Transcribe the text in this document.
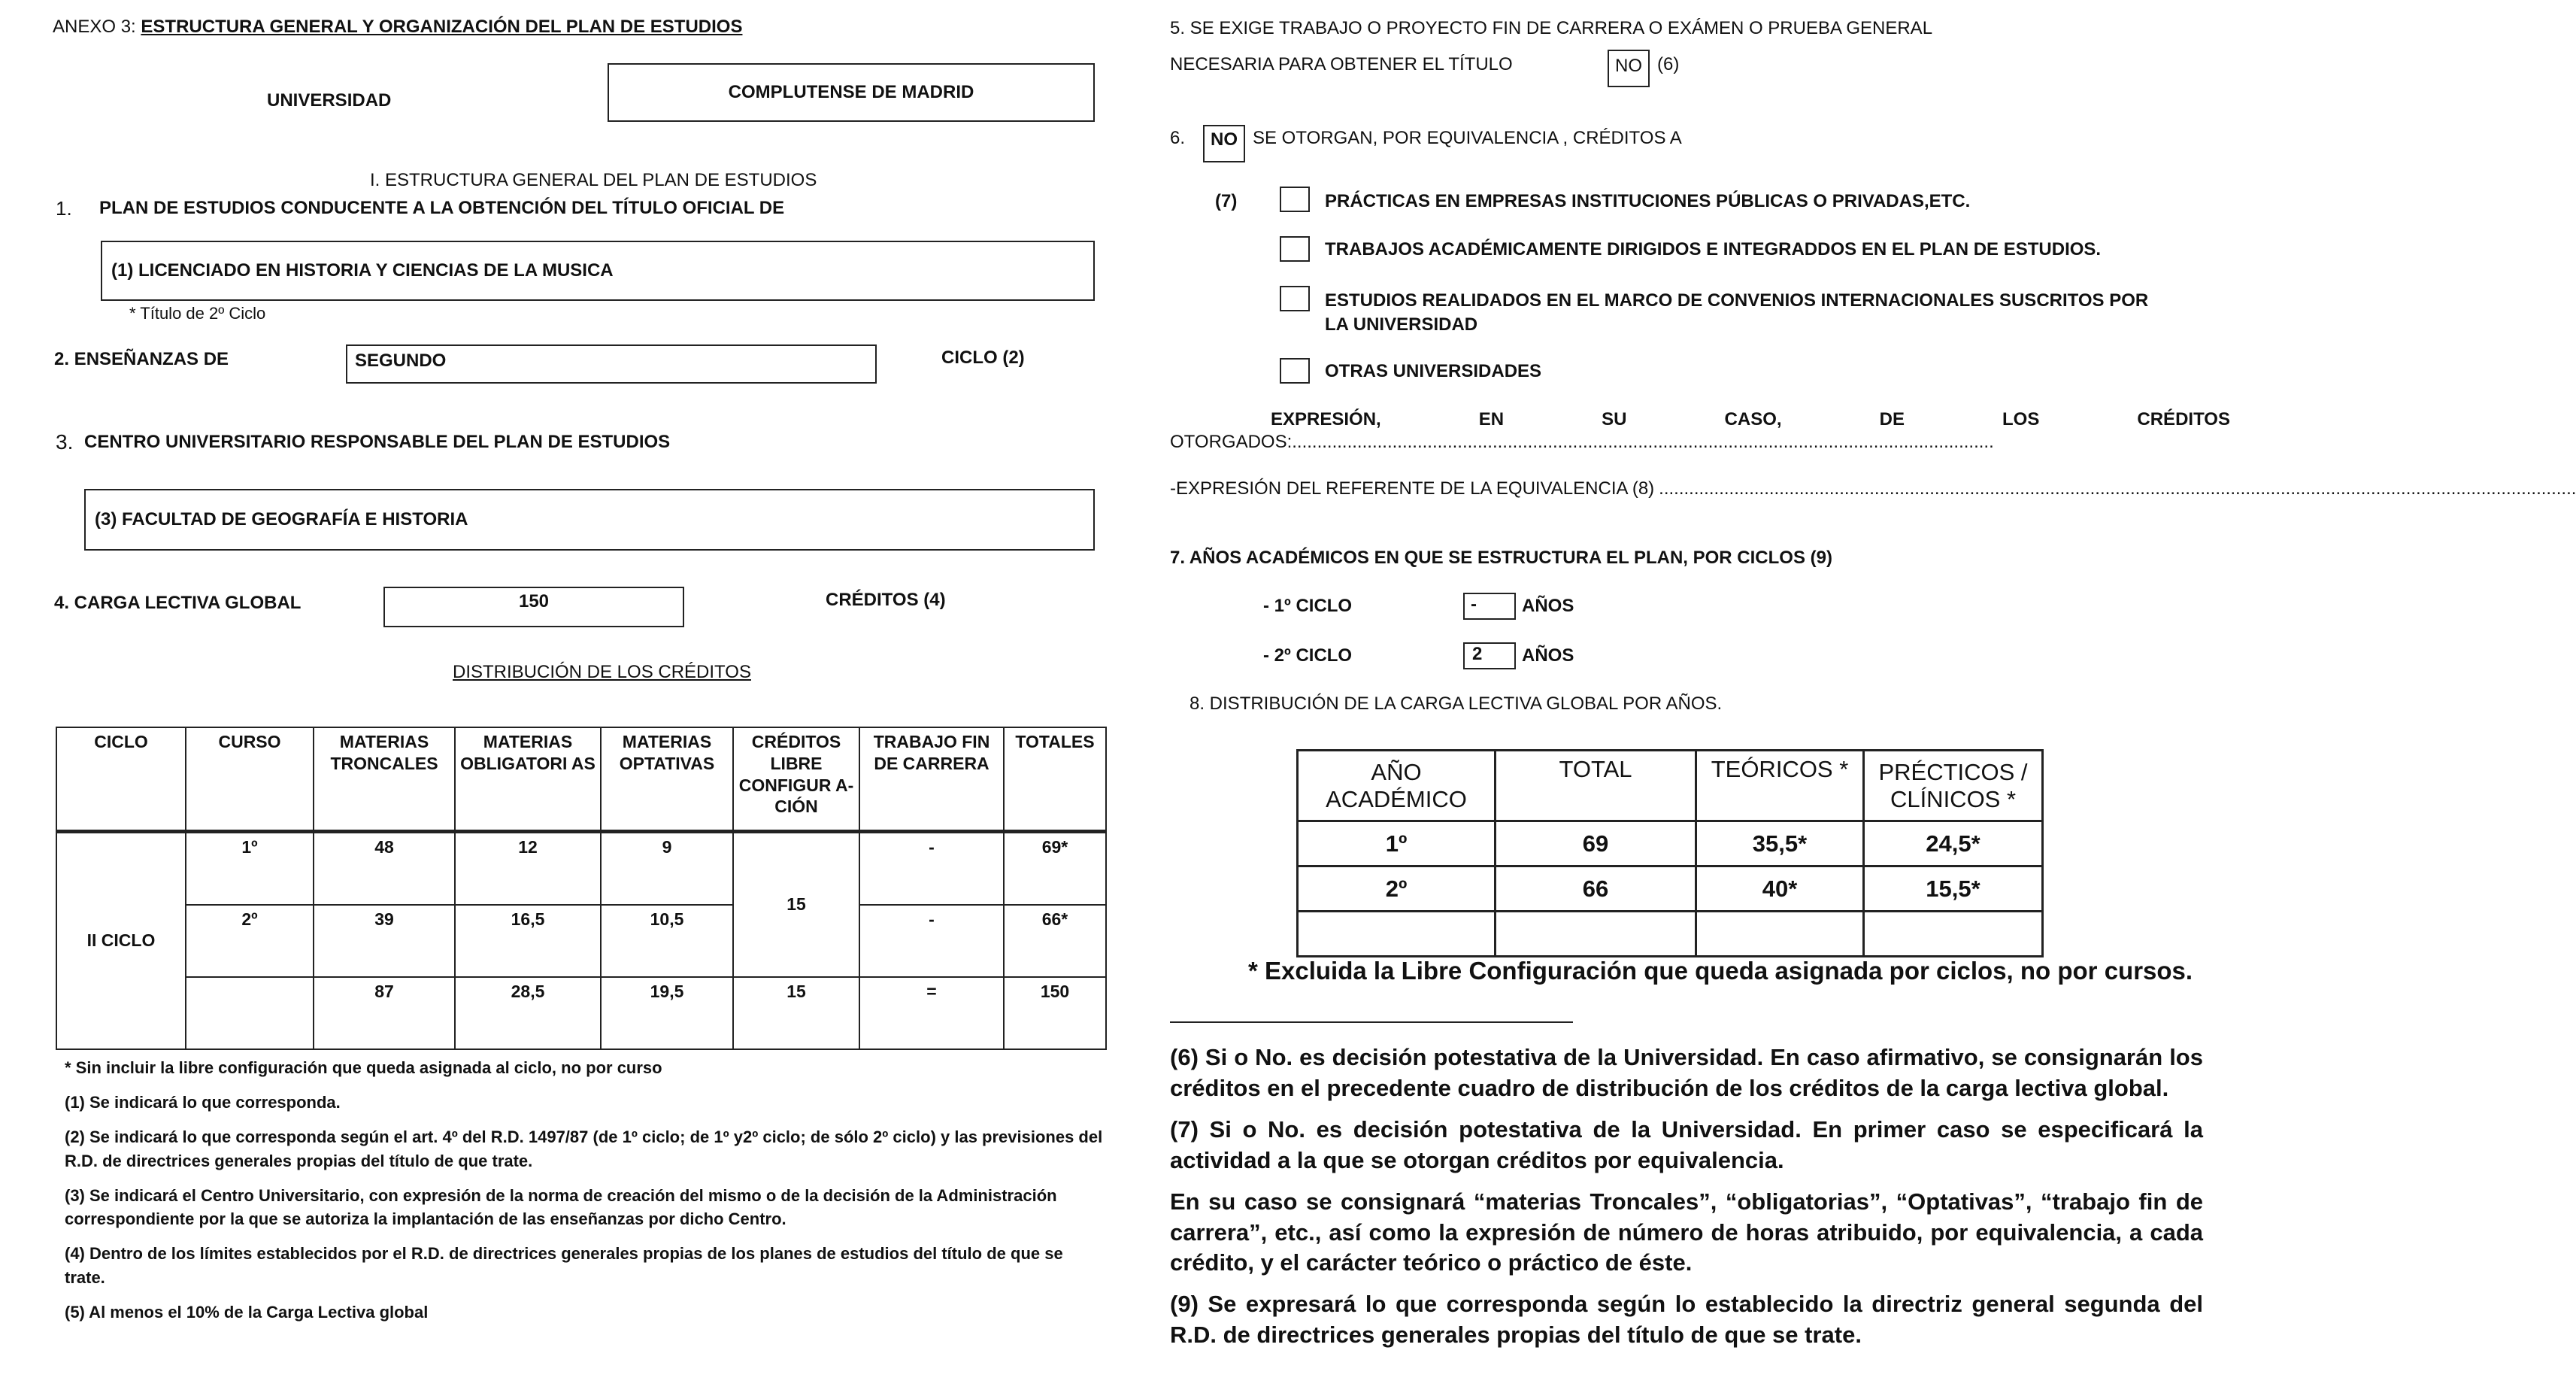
ANEXO 3: ESTRUCTURA GENERAL Y ORGANIZACIÓN DEL PLAN DE ESTUDIOS
UNIVERSIDAD	COMPLUTENSE DE MADRID
I. ESTRUCTURA GENERAL DEL PLAN DE ESTUDIOS
1. PLAN DE ESTUDIOS CONDUCENTE A LA OBTENCIÓN DEL TÍTULO OFICIAL DE
(1) LICENCIADO EN HISTORIA Y CIENCIAS DE LA MUSICA
* Título de 2º Ciclo
2. ENSEÑANZAS DE	SEGUNDO	CICLO (2)
3. CENTRO UNIVERSITARIO RESPONSABLE DEL PLAN DE ESTUDIOS
(3) FACULTAD DE GEOGRAFÍA E HISTORIA
4. CARGA LECTIVA GLOBAL	150	CRÉDITOS (4)
DISTRIBUCIÓN DE LOS CRÉDITOS
CICLO	CURSO	MATERIAS TRONCALES	MATERIAS OBLIGATORI AS	MATERIAS OPTATIVAS	CRÉDITOS LIBRE CONFIGUR A-CIÓN	TRABAJO FIN DE CARRERA	TOTALES
II CICLO	1º	48	12	9	15	-	69*
	2º	39	16,5	10,5		-	66*
		87	28,5	19,5	15	=	150
* Sin incluir la libre configuración que queda asignada al ciclo, no por curso
(1) Se indicará lo que corresponda.
(2) Se indicará lo que corresponda según el art. 4º del R.D. 1497/87 (de 1º ciclo; de 1º y2º ciclo; de sólo 2º ciclo) y las previsiones del R.D. de directrices generales propias del título de que trate.
(3) Se indicará el Centro Universitario, con expresión de la norma de creación del mismo o de la decisión de la Administración correspondiente por la que se autoriza la implantación de las enseñanzas por dicho Centro.
(4) Dentro de los límites establecidos por el R.D. de directrices generales propias de los planes de estudios del título de que se trate.
(5) Al menos el 10% de la Carga Lectiva global
5. SE EXIGE TRABAJO O PROYECTO FIN DE CARRERA O EXÁMEN O PRUEBA GENERAL
NECESARIA PARA OBTENER EL TÍTULO	NO (6)
6.	NO SE OTORGAN, POR EQUIVALENCIA , CRÉDITOS A
(7)	PRÁCTICAS EN EMPRESAS INSTITUCIONES PÚBLICAS O PRIVADAS,ETC.
TRABAJOS ACADÉMICAMENTE DIRIGIDOS E INTEGRADDOS EN EL PLAN DE ESTUDIOS.
ESTUDIOS REALIDADOS EN EL MARCO DE CONVENIOS INTERNACIONALES SUSCRITOS POR LA UNIVERSIDAD
OTRAS UNIVERSIDADES
EXPRESIÓN,	EN	SU	CASO,	DE	LOS	CRÉDITOS
OTORGADOS: ............................................................................................................................................
-EXPRESIÓN DEL REFERENTE DE LA EQUIVALENCIA (8) .......................................................................................................................................................................................
7. AÑOS ACADÉMICOS EN QUE SE ESTRUCTURA EL PLAN, POR CICLOS (9)
- 1º CICLO	-	AÑOS
- 2º CICLO	2	AÑOS
8. DISTRIBUCIÓN DE LA CARGA LECTIVA GLOBAL POR AÑOS.
AÑO ACADÉMICO	TOTAL	TEÓRICOS *	PRÉCTICOS / CLÍNICOS *
1º	69	35,5*	24,5*
2º	66	40*	15,5*

* Excluida la Libre Configuración que queda asignada por ciclos, no por cursos.
(6) Si o No. es decisión potestativa de la Universidad. En caso afirmativo, se consignarán los créditos en el precedente cuadro de distribución de los créditos de la carga lectiva global.
(7) Si o No. es decisión potestativa de la Universidad. En primer caso se especificará la actividad a la que se otorgan créditos por equivalencia.
En su caso se consignará “materias Troncales”, “obligatorias”, “Optativas”, “trabajo fin de carrera”, etc., así como la expresión de número de horas atribuido, por equivalencia, a cada crédito, y el carácter teórico o práctico de éste.
(9) Se expresará lo que corresponda según lo establecido la directriz general segunda del R.D. de directrices generales propias del título de que se trate.
